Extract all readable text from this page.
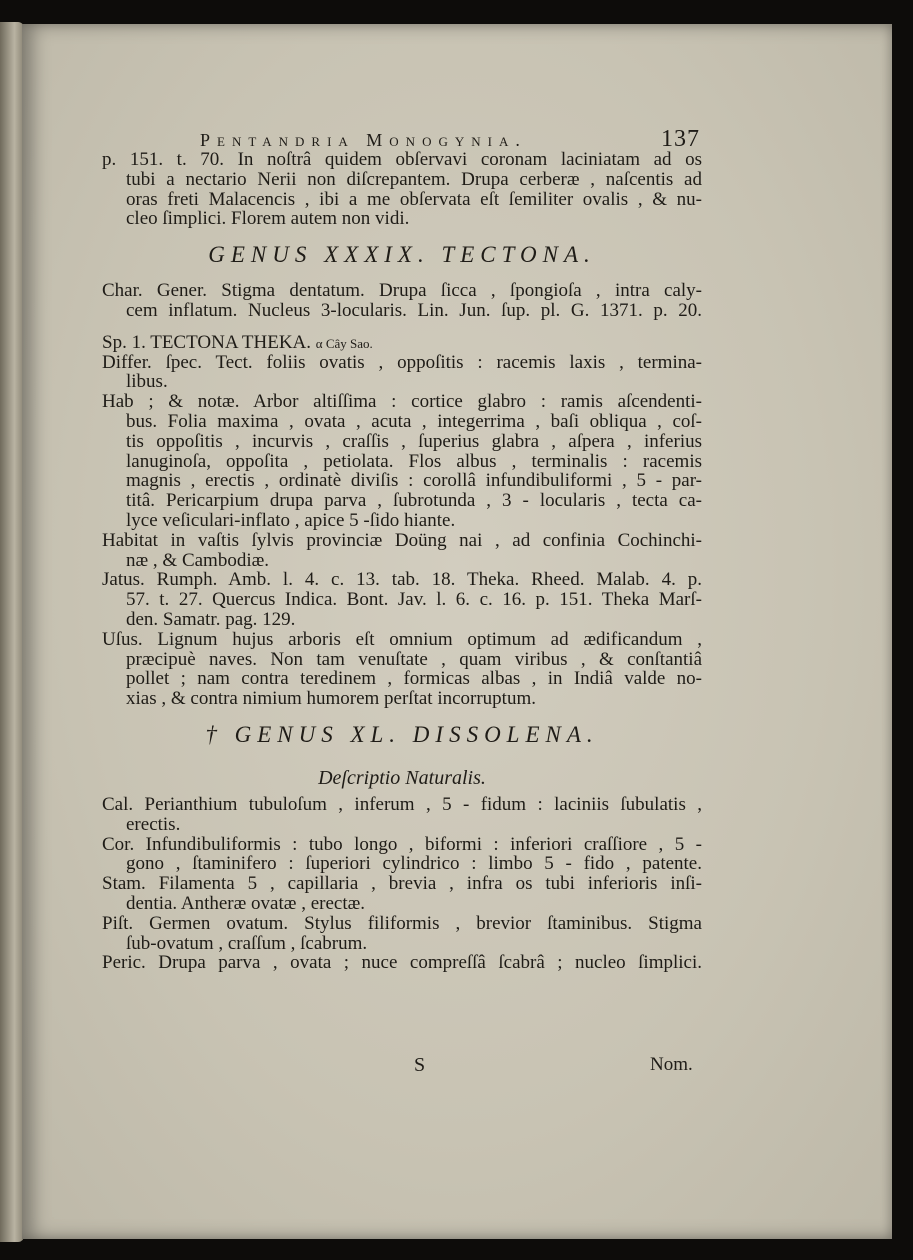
Pentandria Monogynia.	137
p. 151. t. 70. In noſtrâ quidem obſervavi coronam laciniatam ad os
tubi a nectario Nerii non diſcrepantem. Drupa cerberæ , naſcentis ad
oras freti Malacencis , ibi a me obſervata eſt ſemiliter ovalis , & nu-
cleo ſimplici. Florem autem non vidi.
GENUS XXXIX. TECTONA.
Char. Gener. Stigma dentatum. Drupa ſicca , ſpongioſa , intra caly-
cem inflatum. Nucleus 3-locularis. Lin. Jun. ſup. pl. G. 1371. p. 20.
Sp. 1. TECTONA THEKA. α Cây Sao.
Differ. ſpec. Tect. foliis ovatis , oppoſitis : racemis laxis , termina-
libus.
Hab ; & notæ. Arbor altiſſima : cortice glabro : ramis aſcendenti-
bus. Folia maxima , ovata , acuta , integerrima , baſi obliqua , coſ-
tis oppoſitis , incurvis , craſſis , ſuperius glabra , aſpera , inferius
lanuginoſa, oppoſita , petiolata. Flos albus , terminalis : racemis
magnis , erectis , ordinatè diviſis : corollâ infundibuliformi , 5 - par-
titâ. Pericarpium drupa parva , ſubrotunda , 3 - locularis , tecta ca-
lyce veſiculari-inflato , apice 5 -ſido hiante.
Habitat in vaſtis ſylvis provinciæ Doüng nai , ad confinia Cochinchi-
næ , & Cambodiæ.
Jatus. Rumph. Amb. l. 4. c. 13. tab. 18. Theka. Rheed. Malab. 4. p.
57. t. 27. Quercus Indica. Bont. Jav. l. 6. c. 16. p. 151. Theka Marſ-
den. Samatr. pag. 129.
Uſus. Lignum hujus arboris eſt omnium optimum ad ædificandum ,
præcipuè naves. Non tam venuſtate , quam viribus , & conſtantiâ
pollet ; nam contra teredinem , formicas albas , in Indiâ valde no-
xias , & contra nimium humorem perſtat incorruptum.
† GENUS XL. DISSOLENA.
Deſcriptio Naturalis.
Cal. Perianthium tubuloſum , inferum , 5 - fidum : laciniis ſubulatis ,
erectis.
Cor. Infundibuliformis : tubo longo , biformi : inferiori craſſiore , 5 -
gono , ſtaminifero : ſuperiori cylindrico : limbo 5 - fido , patente.
Stam. Filamenta 5 , capillaria , brevia , infra os tubi inferioris inſi-
dentia. Antheræ ovatæ , erectæ.
Piſt. Germen ovatum. Stylus filiformis , brevior ſtaminibus. Stigma
ſub-ovatum , craſſum , ſcabrum.
Peric. Drupa parva , ovata ; nuce compreſſâ ſcabrâ ; nucleo ſimplici.
S	Nom.
